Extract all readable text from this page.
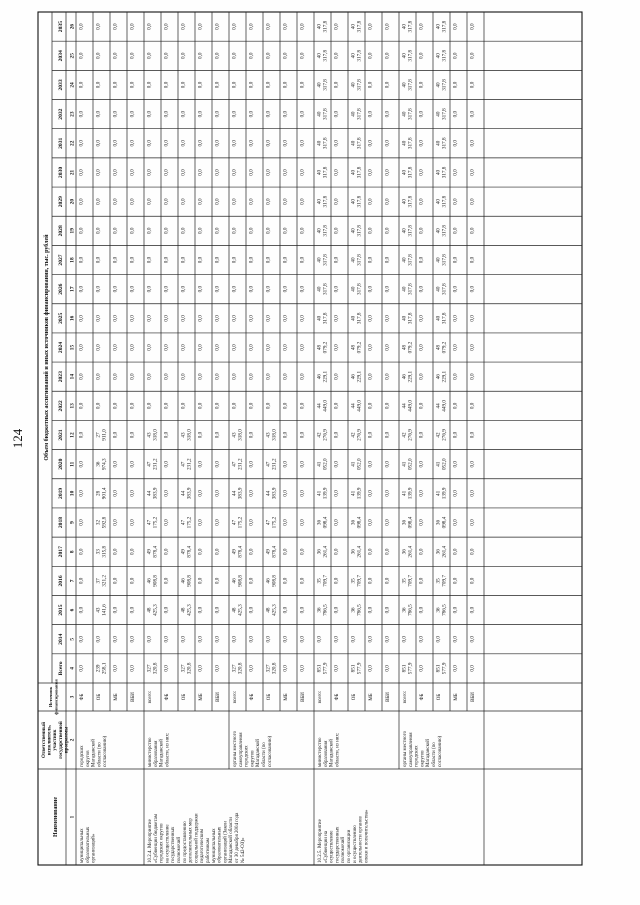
124
Наименование
Ответственный исполнитель, участник государственной программы
Источник финансирования
Объем бюджетных ассигнований и иных источников финансирования, тыс. рублей
Всего
2014
2015
2016
2017
2018
2019
2020
2021
2022
2023
2024
2025
2026
2027
2028
2029
2030
2031
2032
2033
2034
2035
1
2
3
4
5
6
7
8
9
10
11
12
13
14
15
16
17
18
19
20
21
22
23
24
25
26
ФБ
0,0
0,0
0,0
0,0
0,0
0,0
0,0
0,0
0,0
0,0
0,0
0,0
0,0
0,0
0,0
0,0
0,0
0,0
0,0
0,0
0,0
0,0
0,0
ОБ
239 258,1
0,0
43 141,6
37 321,2
33 315,8
32 592,8
28 901,4
36 974,3
27 911,0
0,0
0,0
0,0
0,0
0,0
0,0
0,0
0,0
0,0
0,0
0,0
0,0
0,0
0,0
МБ
0,0
0,0
0,0
0,0
0,0
0,0
0,0
0,0
0,0
0,0
0,0
0,0
0,0
0,0
0,0
0,0
0,0
0,0
0,0
0,0
0,0
0,0
0,0
ВБИ
0,0
0,0
0,0
0,0
0,0
0,0
0,0
0,0
0,0
0,0
0,0
0,0
0,0
0,0
0,0
0,0
0,0
0,0
0,0
0,0
0,0
0,0
0,0
городских округов Магаданской области (по согласованию)
муниципальных образовательных организаций»
всего:
327 320,8
0,0
48 425,3
46 908,8
49 878,4
47 175,2
44 383,9
47 231,2
43 318,0
0,0
0,0
0,0
0,0
0,0
0,0
0,0
0,0
0,0
0,0
0,0
0,0
0,0
0,0
ФБ
0,0
0,0
0,0
0,0
0,0
0,0
0,0
0,0
0,0
0,0
0,0
0,0
0,0
0,0
0,0
0,0
0,0
0,0
0,0
0,0
0,0
0,0
0,0
ОБ
327 320,8
0,0
48 425,3
46 908,8
49 878,4
47 175,2
44 383,9
47 231,2
43 318,0
0,0
0,0
0,0
0,0
0,0
0,0
0,0
0,0
0,0
0,0
0,0
0,0
0,0
0,0
МБ
0,0
0,0
0,0
0,0
0,0
0,0
0,0
0,0
0,0
0,0
0,0
0,0
0,0
0,0
0,0
0,0
0,0
0,0
0,0
0,0
0,0
0,0
0,0
ВБИ
0,0
0,0
0,0
0,0
0,0
0,0
0,0
0,0
0,0
0,0
0,0
0,0
0,0
0,0
0,0
0,0
0,0
0,0
0,0
0,0
0,0
0,0
0,0
министерство образования Магаданской области, из них:
10.2.4. Мероприятие «Субвенции бюджетам городских округов на осуществление государственных полномочий по предоставлению дополнительных мер социальной поддержки педагогическим работникам муниципальных образовательных организаций (Закон Магаданской области от 30 декабря 2004 года № 542-ОЗ)»
всего:
327 320,8
0,0
48 425,3
46 908,8
49 878,4
47 175,2
44 383,9
47 231,2
43 318,0
0,0
0,0
0,0
0,0
0,0
0,0
0,0
0,0
0,0
0,0
0,0
0,0
0,0
0,0
ФБ
0,0
0,0
0,0
0,0
0,0
0,0
0,0
0,0
0,0
0,0
0,0
0,0
0,0
0,0
0,0
0,0
0,0
0,0
0,0
0,0
0,0
0,0
0,0
ОБ
327 320,8
0,0
48 425,3
46 908,8
49 878,4
47 175,2
44 383,9
47 231,2
43 318,0
0,0
0,0
0,0
0,0
0,0
0,0
0,0
0,0
0,0
0,0
0,0
0,0
0,0
0,0
МБ
0,0
0,0
0,0
0,0
0,0
0,0
0,0
0,0
0,0
0,0
0,0
0,0
0,0
0,0
0,0
0,0
0,0
0,0
0,0
0,0
0,0
0,0
0,0
ВБИ
0,0
0,0
0,0
0,0
0,0
0,0
0,0
0,0
0,0
0,0
0,0
0,0
0,0
0,0
0,0
0,0
0,0
0,0
0,0
0,0
0,0
0,0
0,0
органы местного самоуправления городских округов Магаданской области (по согласованию)
всего:
851 577,9
0,0
36 786,5
35 709,7
36 261,4
36 098,4
41 139,9
41 052,0
42 276,9
44 449,0
46 229,1
48 079,2
40 317,8
40 317,8
40 317,8
40 317,8
40 317,8
40 317,8
40 317,8
40 317,8
40 317,8
40 317,8
40 317,8
ФБ
0,0
0,0
0,0
0,0
0,0
0,0
0,0
0,0
0,0
0,0
0,0
0,0
0,0
0,0
0,0
0,0
0,0
0,0
0,0
0,0
0,0
0,0
0,0
ОБ
851 577,9
0,0
36 786,5
35 709,7
36 261,4
36 098,4
41 139,9
41 052,0
42 276,9
44 449,0
46 229,1
48 079,2
40 317,8
40 317,8
40 317,8
40 317,8
40 317,8
40 317,8
40 317,8
40 317,8
40 317,8
40 317,8
40 317,8
МБ
0,0
0,0
0,0
0,0
0,0
0,0
0,0
0,0
0,0
0,0
0,0
0,0
0,0
0,0
0,0
0,0
0,0
0,0
0,0
0,0
0,0
0,0
0,0
ВБИ
0,0
0,0
0,0
0,0
0,0
0,0
0,0
0,0
0,0
0,0
0,0
0,0
0,0
0,0
0,0
0,0
0,0
0,0
0,0
0,0
0,0
0,0
0,0
министерство образования Магаданской области, из них:
10.2.5. Мероприятие «Субвенции на осуществление государственных полномочий по организации и осуществлению деятельности органов опеки и попечительства»
всего:
851 577,9
0,0
36 786,5
35 709,7
36 261,4
36 098,4
41 139,9
41 052,0
42 276,9
44 449,0
46 229,1
48 079,2
40 317,8
40 317,8
40 317,8
40 317,8
40 317,8
40 317,8
40 317,8
40 317,8
40 317,8
40 317,8
40 317,8
ФБ
0,0
0,0
0,0
0,0
0,0
0,0
0,0
0,0
0,0
0,0
0,0
0,0
0,0
0,0
0,0
0,0
0,0
0,0
0,0
0,0
0,0
0,0
0,0
ОБ
851 577,9
0,0
36 786,5
35 709,7
36 261,4
36 098,4
41 139,9
41 052,0
42 276,9
44 449,0
46 229,1
48 079,2
40 317,8
40 317,8
40 317,8
40 317,8
40 317,8
40 317,8
40 317,8
40 317,8
40 317,8
40 317,8
40 317,8
МБ
0,0
0,0
0,0
0,0
0,0
0,0
0,0
0,0
0,0
0,0
0,0
0,0
0,0
0,0
0,0
0,0
0,0
0,0
0,0
0,0
0,0
0,0
0,0
ВБИ
0,0
0,0
0,0
0,0
0,0
0,0
0,0
0,0
0,0
0,0
0,0
0,0
0,0
0,0
0,0
0,0
0,0
0,0
0,0
0,0
0,0
0,0
0,0
органы местного самоуправления городских округов Магаданской области (по согласованию)
